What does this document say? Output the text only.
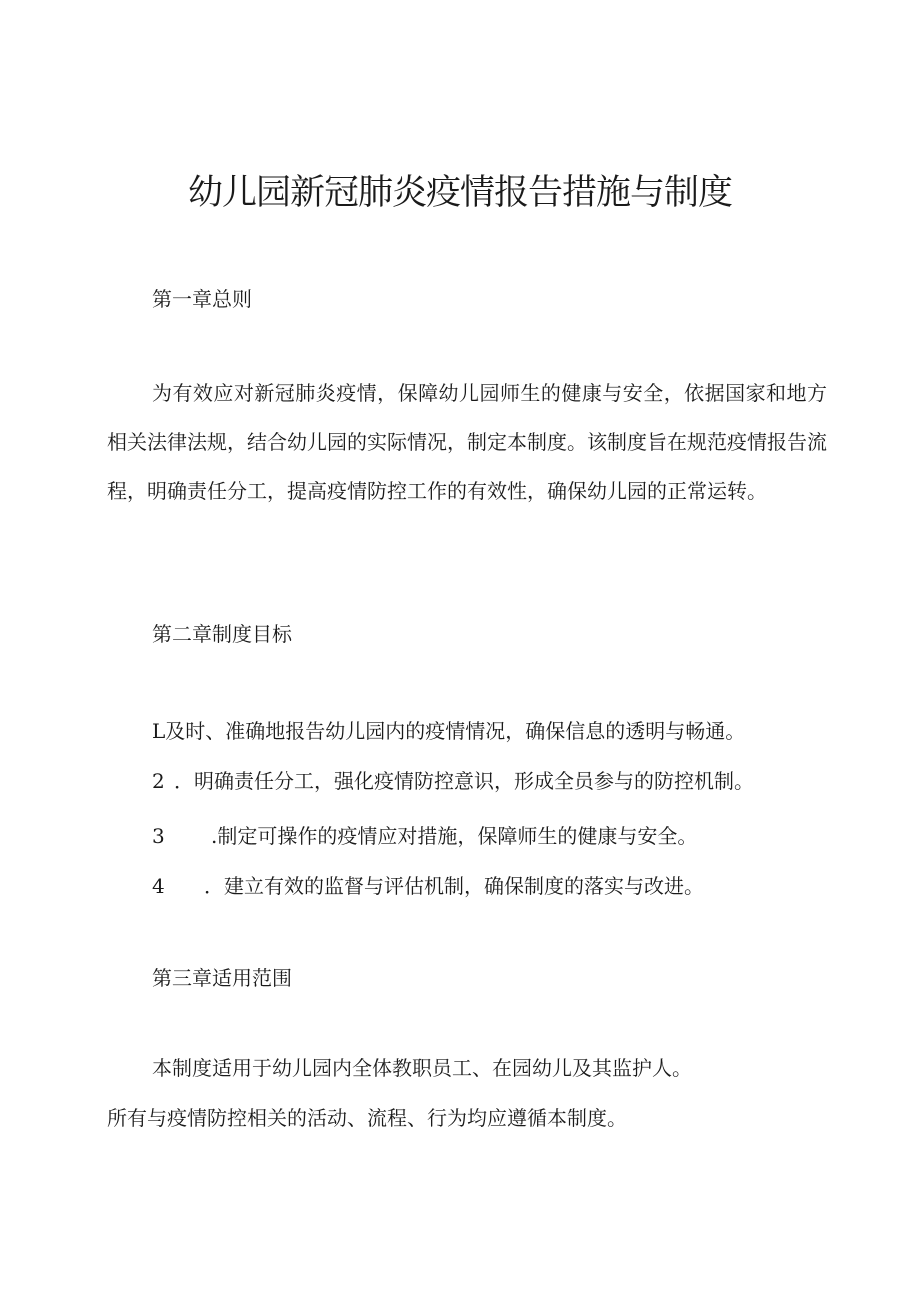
幼儿园新冠肺炎疫情报告措施与制度

第一章总则

为有效应对新冠肺炎疫情，保障幼儿园师生的健康与安全，依据国家和地方相关法律法规，结合幼儿园的实际情况，制定本制度。该制度旨在规范疫情报告流程，明确责任分工，提高疫情防控工作的有效性，确保幼儿园的正常运转。

第二章制度目标

L及时、准确地报告幼儿园内的疫情情况，确保信息的透明与畅通。

2 ．明确责任分工，强化疫情防控意识，形成全员参与的防控机制。

3 .制定可操作的疫情应对措施，保障师生的健康与安全。

4 ．建立有效的监督与评估机制，确保制度的落实与改进。

第三章适用范围

本制度适用于幼儿园内全体教职员工、在园幼儿及其监护人。

所有与疫情防控相关的活动、流程、行为均应遵循本制度。
